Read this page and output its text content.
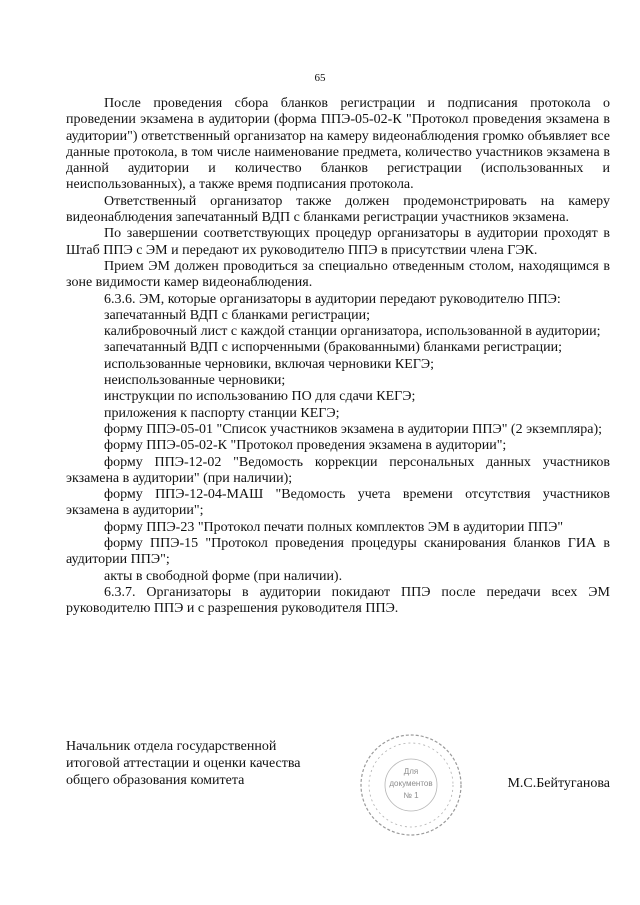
65

После проведения сбора бланков регистрации и подписания протокола о проведении экзамена в аудитории (форма ППЭ-05-02-К "Протокол проведения экзамена в аудитории") ответственный организатор на камеру видеонаблюдения громко объявляет все данные протокола, в том числе наименование предмета, количество участников экзамена в данной аудитории и количество бланков регистрации (использованных и неиспользованных), а также время подписания протокола.

Ответственный организатор также должен продемонстрировать на камеру видеонаблюдения запечатанный ВДП с бланками регистрации участников экзамена.

По завершении соответствующих процедур организаторы в аудитории проходят в Штаб ППЭ с ЭМ и передают их руководителю ППЭ в присутствии члена ГЭК.

Прием ЭМ должен проводиться за специально отведенным столом, находящимся в зоне видимости камер видеонаблюдения.

6.3.6. ЭМ, которые организаторы в аудитории передают руководителю ППЭ:

запечатанный ВДП с бланками регистрации;

калибровочный лист с каждой станции организатора, использованной в аудитории;

запечатанный ВДП с испорченными (бракованными) бланками регистрации;

использованные черновики, включая черновики КЕГЭ;

неиспользованные черновики;

инструкции по использованию ПО для сдачи КЕГЭ;

приложения к паспорту станции КЕГЭ;

форму ППЭ-05-01 "Список участников экзамена в аудитории ППЭ" (2 экземпляра);

форму ППЭ-05-02-К "Протокол проведения экзамена в аудитории";

форму ППЭ-12-02 "Ведомость коррекции персональных данных участников экзамена в аудитории" (при наличии);

форму ППЭ-12-04-МАШ "Ведомость учета времени отсутствия участников экзамена в аудитории";

форму ППЭ-23 "Протокол печати полных комплектов ЭМ в аудитории ППЭ"

форму ППЭ-15 "Протокол проведения процедуры сканирования бланков ГИА в аудитории ППЭ";

акты в свободной форме (при наличии).

6.3.7. Организаторы в аудитории покидают ППЭ после передачи всех ЭМ руководителю ППЭ и с разрешения руководителя ППЭ.

Начальник отдела государственной
итоговой аттестации и оценки качества
общего образования комитета
Для
документов
№ 1
М.С.Бейтуганова
